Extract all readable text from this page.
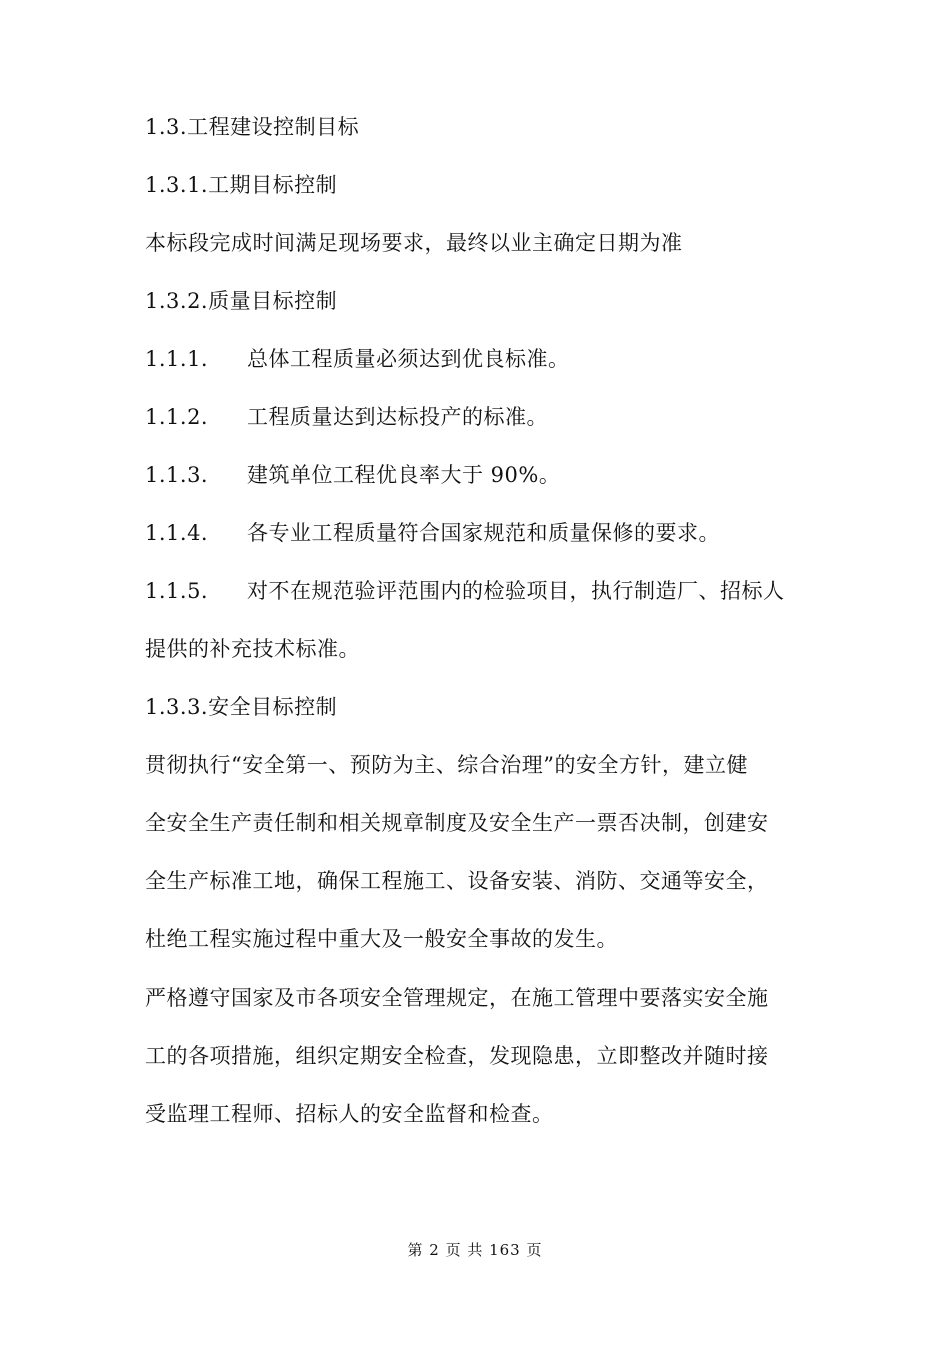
1.3.工程建设控制目标
1.3.1.工期目标控制
本标段完成时间满足现场要求，最终以业主确定日期为准
1.3.2.质量目标控制
1.1.1. 总体工程质量必须达到优良标准。
1.1.2. 工程质量达到达标投产的标准。
1.1.3. 建筑单位工程优良率大于 90%。
1.1.4. 各专业工程质量符合国家规范和质量保修的要求。
1.1.5. 对不在规范验评范围内的检验项目，执行制造厂、招标人
提供的补充技术标准。
1.3.3.安全目标控制
贯彻执行“安全第一、预防为主、综合治理”的安全方针，建立健
全安全生产责任制和相关规章制度及安全生产一票否决制，创建安
全生产标准工地，确保工程施工、设备安装、消防、交通等安全，
杜绝工程实施过程中重大及一般安全事故的发生。
严格遵守国家及市各项安全管理规定，在施工管理中要落实安全施
工的各项措施，组织定期安全检查，发现隐患，立即整改并随时接
受监理工程师、招标人的安全监督和检查。
第 2 页 共 163 页
